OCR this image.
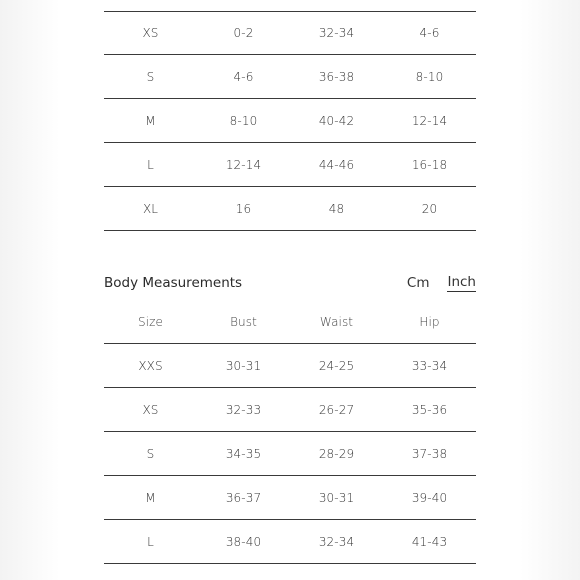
XS	0-2	32-34	4-6
S	4-6	36-38	8-10
M	8-10	40-42	12-14
L	12-14	44-46	16-18
XL	16	48	20
Body Measurements	Cm Inch
Size	Bust	Waist	Hip
XXS	30-31	24-25	33-34
XS	32-33	26-27	35-36
S	34-35	28-29	37-38
M	36-37	30-31	39-40
L	38-40	32-34	41-43
